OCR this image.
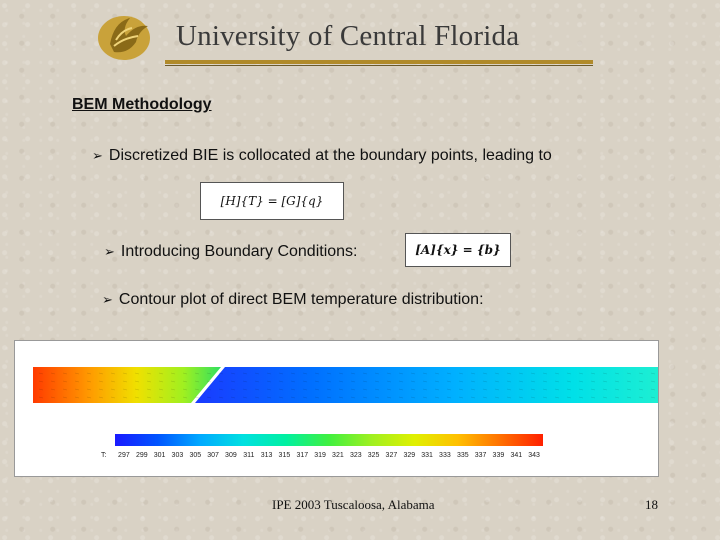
University of Central Florida
BEM Methodology
➢ Discretized BIE is collocated at the boundary points, leading to
[H]{T} = [G]{q}
➢ Introducing Boundary Conditions:	[A]{x} = {b}
➢ Contour plot of direct BEM temperature distribution:
T: 297 299 301 303 305 307 309 311 313 315 317 319 321 323 325 327 329 331 333 335 337 339 341 343
IPE 2003 Tuscaloosa, Alabama	18
